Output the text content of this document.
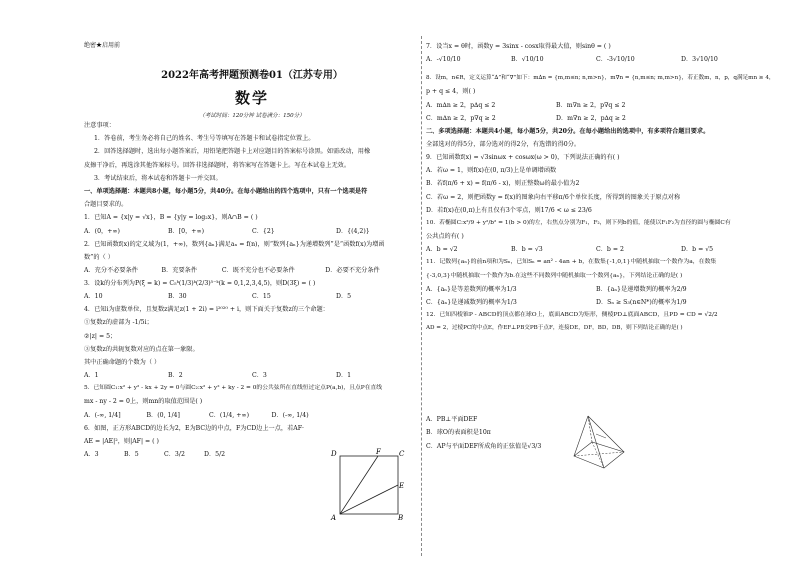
绝密★启用前
2022年高考押题预测卷01（江苏专用）
数学
（考试时间：120分钟 试卷满分：150分）
注意事项：
1．答卷前，考生务必将自己的姓名、考生号等填写在答题卡和试卷指定位置上。
2．回答选择题时，选出每小题答案后，用铅笔把答题卡上对应题目的答案标号涂黑。如需改动，用橡
皮擦干净后，再选涂其他答案标号。回答非选择题时，将答案写在答题卡上。写在本试卷上无效。
3．考试结束后，将本试卷和答题卡一并交回。
一、单项选择题：本题共8小题，每小题5分，共40分。在每小题给出的四个选项中，只有一个选项是符
合题目要求的。
1．已知A = {x|y = √x}，B = {y|y = log₂x}，则A∩B = ( )
A．(0，+∞)	B．[0，+∞)	C．{2}	D．{(4,2)}
2．已知函数f(x)的定义域为(1，+∞)，数列{aₙ}满足aₙ = f(n)，则“数列{aₙ}为递增数列”是“函数f(x)为增函
数”的（ ）
A．充分不必要条件	B．充要条件	C．既不充分也不必要条件	D．必要不充分条件
3．设k的分布列为P(ξ = k) = C₅ᵏ(1/3)ᵏ(2/3)⁵⁻ᵏ(k = 0,1,2,3,4,5)，则D(3ξ) = ( )
A．10	B．30	C．15	D．5
4．已知i为虚数单位，且复数z满足z(1 + 2i) = i²⁰²⁰ + i，则下面关于复数z的三个命题：
①复数z的虚部为 -1/5i；
②|z| = 5；
③复数z的共轭复数对应的点在第一象限。
其中正确命题的个数为（ ）
A．1	B．2	C．3	D．1
5．已知圆C₁:x² + y² - kx + 2y = 0与圆C₂:x² + y² + ky - 2 = 0的公共弦所在直线恒过定点P(a,b)，且点P在直线
mx - ny - 2 = 0上，则mn的取值范围是( )
A．(-∞, 1/4]	B．(0, 1/4]	C．(1/4, +∞)	D．(-∞, 1/4)
6．如图，正方形ABCD的边长为2，E为BC边的中点，F为CD边上一点，若AF·
AE = |AE|²，则|AF| = ( )
A．3	B．5	C．3/2	D．5/2	D	F	C
E
A	B
7．设当x = θ时，函数y = 3sinx - cosx取得最大值，则sinθ = ( )
A．-√10/10	B．√10/10	C．-3√10/10	D．3√10/10
8．设m，n∈R，定义运算“∆”和“∇”如下：m∆n = {m,m≤n; n,m>n}，m∇n = {n,m≤n; m,m>n}，若正数m，n，p，q满足mn ≥ 4，
p + q ≤ 4，则( )
A．m∆n ≥ 2，p∆q ≤ 2	B．m∇n ≥ 2，p∇q ≤ 2
C．m∆n ≥ 2，p∇q ≥ 2	D．m∇n ≥ 2，p∆q ≥ 2
二、多项选择题：本题共4小题，每小题5分，共20分。在每小题给出的选项中，有多项符合题目要求。
全部选对的得5分，部分选对的得2分，有选错的得0分。
9．已知函数f(x) = √3sinωx + cosωx(ω > 0)，下列说法正确的有( )
A．若ω = 1，则f(x)在(0, π/3)上是单调增函数
B．若f(π/6 + x) = f(π/6 - x)，则正整数ω的最小值为2
C．若ω = 2，则把函数y = f(x)的图象向右平移π/6个单位长度，所得到的图象关于原点对称
D．若f(x)在(0,π)上有且仅有3个零点，则17/6 < ω ≤ 23/6
10．若椭圆C:x²/9 + y²/b² = 1(b > 0)的左，右焦点分别为F₁，F₂，则下列b的值，能使以F₁F₂为直径的圆与椭圆C有
公共点的有( )
A．b = √2	B．b = √3	C．b = 2	D．b = √5
11．记数列{aₙ}的前n项和为Sₙ，已知Sₙ = an² - 4an + b，在数集{-1,0,1}中随机抽取一个数作为a，在数集
{-3,0,3}中随机抽取一个数作为b.在这些不同数列中随机抽取一个数列{aₙ}，下列结论正确的是( )
A．{aₙ}是等差数列的概率为1/3	B．{aₙ}是递增数列的概率为2/9
C．{aₙ}是递减数列的概率为1/3	D．Sₙ ≥ S₃(n∈N*)的概率为1/9
12．已知四棱锥P - ABCD的顶点都在球O上，底面ABCD为矩形，侧棱PD⊥底面ABCD，且PD = CD = √2/2
AD = 2，过棱PC的中点E，作EF⊥PB交PB于点F，连接DE，DF，BD，DB，则下列结论正确的是( )
A．PB⊥平面DEF
B．球O的表面积是10π
C．AP与平面DEF所成角的正弦值是√3/3
